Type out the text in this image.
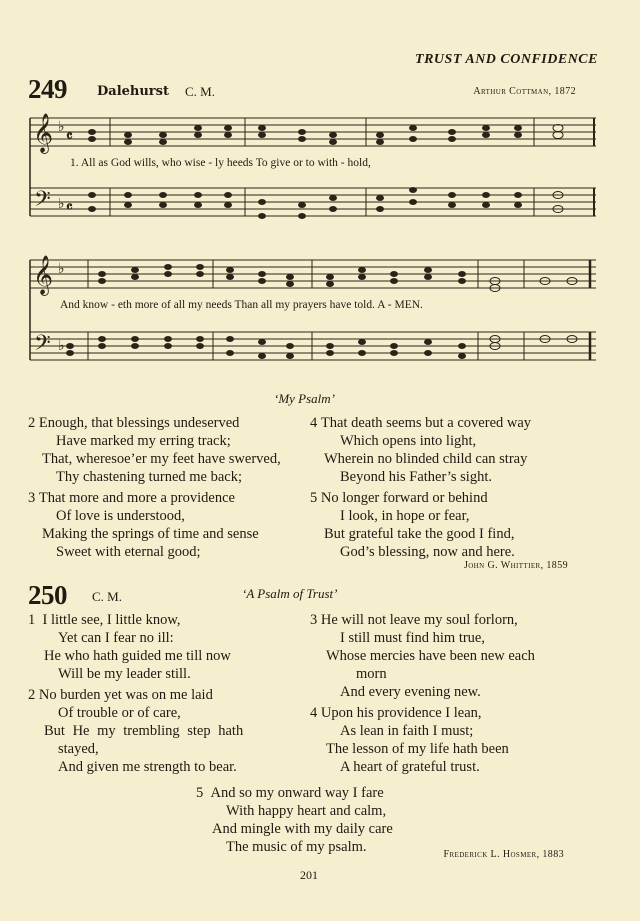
TRUST AND CONFIDENCE
249 Dalehurst C. M.	Arthur Cottman, 1872
𝄞
𝄢
𝄞
𝄢
♭
𝄴
♭ 𝄴
♭
♭
1. All as God wills, who wise - ly heeds To give or to with - hold,
And know - eth more of all my needs Than all my prayers have told. A - MEN.
‘My Psalm’
2 Enough, that blessings undeserved
Have marked my erring track;
That, wheresoe’er my feet have swerved,
Thy chastening turned me back;
3 That more and more a providence
Of love is understood,
Making the springs of time and sense
Sweet with eternal good;
4 That death seems but a covered way
Which opens into light,
Wherein no blinded child can stray
Beyond his Father’s sight.
5 No longer forward or behind
I look, in hope or fear,
But grateful take the good I find,
God’s blessing, now and here.
John G. Whittier, 1859
250 C. M.	‘A Psalm of Trust’
1 I little see, I little know,
Yet can I fear no ill:
He who hath guided me till now
Will be my leader still.
2 No burden yet was on me laid
Of trouble or of care,
But He my trembling step hath
stayed,
And given me strength to bear.
3 He will not leave my soul forlorn,
I still must find him true,
Whose mercies have been new each
morn
And every evening new.
4 Upon his providence I lean,
As lean in faith I must;
The lesson of my life hath been
A heart of grateful trust.
5 And so my onward way I fare
With happy heart and calm,
And mingle with my daily care
The music of my psalm.	Frederick L. Hosmer, 1883
201
